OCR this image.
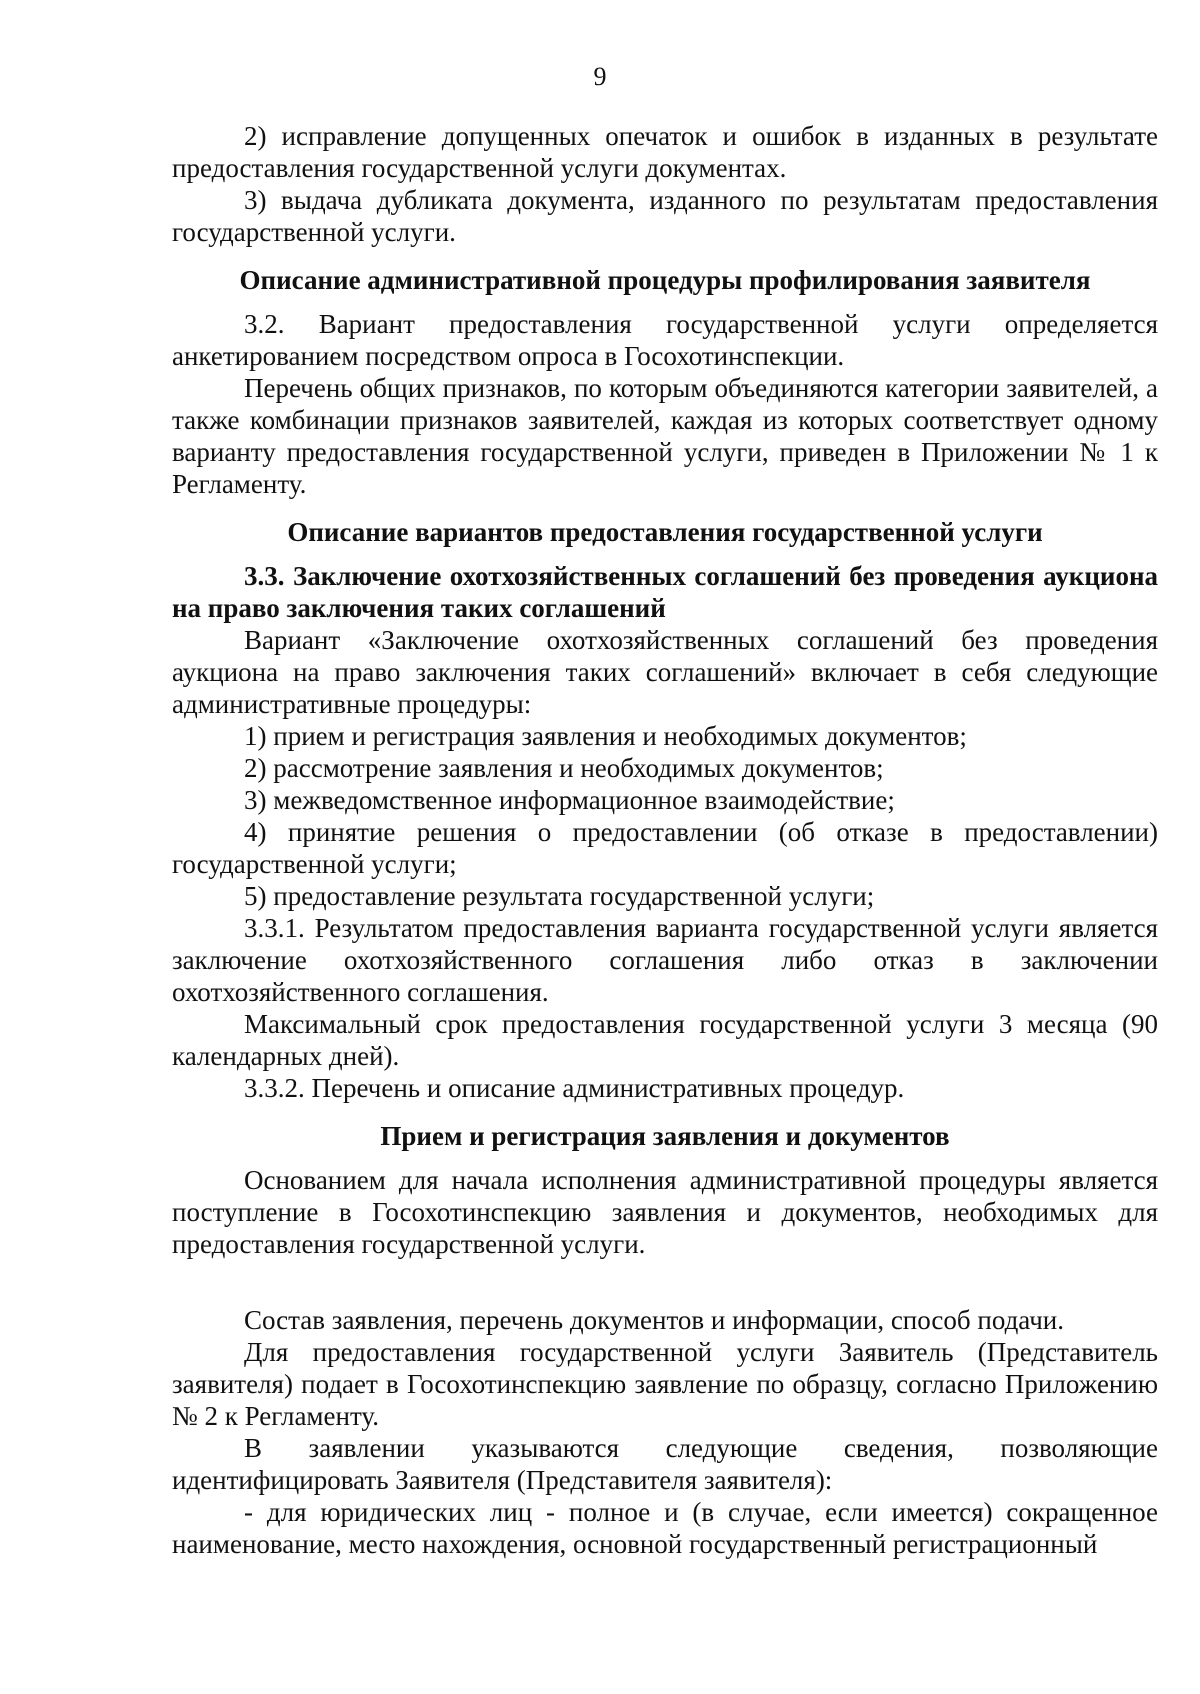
9

2) исправление допущенных опечаток и ошибок в изданных в результате предоставления государственной услуги документах.

3) выдача дубликата документа, изданного по результатам предоставления государственной услуги.

Описание административной процедуры профилирования заявителя

3.2. Вариант предоставления государственной услуги определяется анкетированием посредством опроса в Госохотинспекции.

Перечень общих признаков, по которым объединяются категории заявителей, а также комбинации признаков заявителей, каждая из которых соответствует одному варианту предоставления государственной услуги, приведен в Приложении № 1 к Регламенту.

Описание вариантов предоставления государственной услуги

3.3. Заключение охотхозяйственных соглашений без проведения аукциона на право заключения таких соглашений

Вариант «Заключение охотхозяйственных соглашений без проведения аукциона на право заключения таких соглашений» включает в себя следующие административные процедуры:

1) прием и регистрация заявления и необходимых документов;

2) рассмотрение заявления и необходимых документов;

3) межведомственное информационное взаимодействие;

4) принятие решения о предоставлении (об отказе в предоставлении) государственной услуги;

5) предоставление результата государственной услуги;

3.3.1. Результатом предоставления варианта государственной услуги является заключение охотхозяйственного соглашения либо отказ в заключении охотхозяйственного соглашения.

Максимальный срок предоставления государственной услуги 3 месяца (90 календарных дней).

3.3.2. Перечень и описание административных процедур.

Прием и регистрация заявления и документов

Основанием для начала исполнения административной процедуры является поступление в Госохотинспекцию заявления и документов, необходимых для предоставления государственной услуги.

Состав заявления, перечень документов и информации, способ подачи.

Для предоставления государственной услуги Заявитель (Представитель заявителя) подает в Госохотинспекцию заявление по образцу, согласно Приложению № 2 к Регламенту.

В заявлении указываются следующие сведения, позволяющие идентифицировать Заявителя (Представителя заявителя):

- для юридических лиц - полное и (в случае, если имеется) сокращенное наименование, место нахождения, основной государственный регистрационный
